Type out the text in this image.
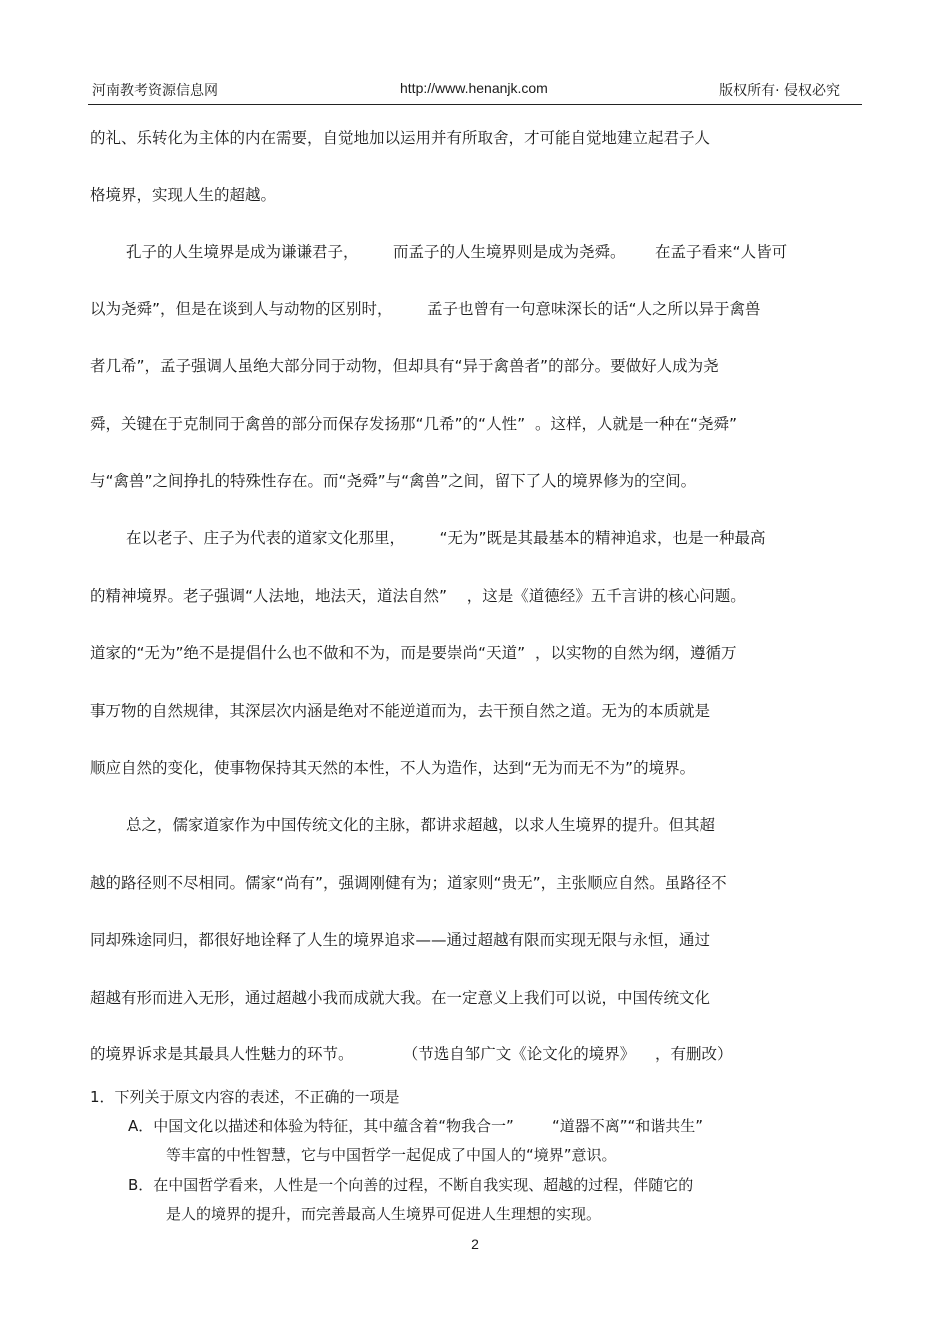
河南教考资源信息网	http://www.henanjk.com	版权所有· 侵权必究
的礼、乐转化为主体的内在需要，自觉地加以运用并有所取舍，才可能自觉地建立起君子人
格境界，实现人生的超越。
孔子的人生境界是成为谦谦君子，       而孟子的人生境界则是成为尧舜。      在孟子看来“人皆可
以为尧舜”，但是在谈到人与动物的区别时，       孟子也曾有一句意味深长的话“人之所以异于禽兽
者几希”，孟子强调人虽绝大部分同于动物，但却具有“异于禽兽者”的部分。要做好人成为尧
舜，关键在于克制同于禽兽的部分而保存发扬那“几希”的“人性”  。这样，人就是一种在“尧舜”
与“禽兽”之间挣扎的特殊性存在。而“尧舜”与“禽兽”之间，留下了人的境界修为的空间。
在以老子、庄子为代表的道家文化那里，       “无为”既是其最基本的精神追求，也是一种最高
的精神境界。老子强调“人法地，地法天，道法自然”    ，这是《道德经》五千言讲的核心问题。
道家的“无为”绝不是提倡什么也不做和不为，而是要崇尚“天道”  ，以实物的自然为纲，遵循万
事万物的自然规律，其深层次内涵是绝对不能逆道而为，去干预自然之道。无为的本质就是
顺应自然的变化，使事物保持其天然的本性，不人为造作，达到“无为而无不为”的境界。
总之，儒家道家作为中国传统文化的主脉，都讲求超越，以求人生境界的提升。但其超
越的路径则不尽相同。儒家“尚有”，强调刚健有为；道家则“贵无”，主张顺应自然。虽路径不
同却殊途同归，都很好地诠释了人生的境界追求——通过超越有限而实现无限与永恒，通过
超越有形而进入无形，通过超越小我而成就大我。在一定意义上我们可以说，中国传统文化
的境界诉求是其最具人性魅力的环节。          （节选自邹广文《论文化的境界》    ，有删改）
1．下列关于原文内容的表述，不正确的一项是
A．中国文化以描述和体验为特征，其中蕴含着“物我合一”        “道器不离”“和谐共生”
等丰富的中性智慧，它与中国哲学一起促成了中国人的“境界”意识。
B．在中国哲学看来，人性是一个向善的过程，不断自我实现、超越的过程，伴随它的
是人的境界的提升，而完善最高人生境界可促进人生理想的实现。
2
